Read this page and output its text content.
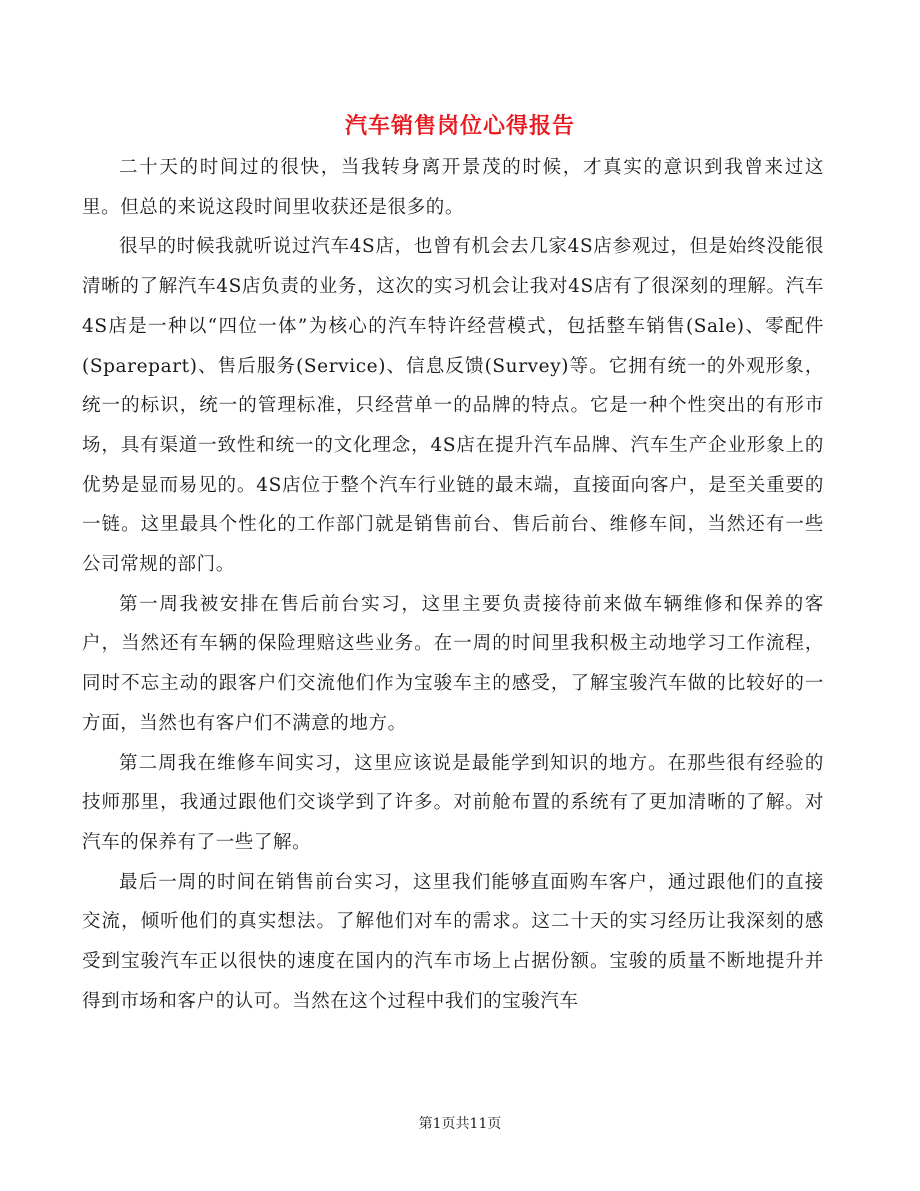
汽车销售岗位心得报告

二十天的时间过的很快，当我转身离开景茂的时候，才真实的意识到我曾来过这里。但总的来说这段时间里收获还是很多的。

很早的时候我就听说过汽车4S店，也曾有机会去几家4S店参观过，但是始终没能很清晰的了解汽车4S店负责的业务，这次的实习机会让我对4S店有了很深刻的理解。汽车4S店是一种以“四位一体”为核心的汽车特许经营模式，包括整车销售(Sale)、零配件(Sparepart)、售后服务(Service)、信息反馈(Survey)等。它拥有统一的外观形象，统一的标识，统一的管理标准，只经营单一的品牌的特点。它是一种个性突出的有形市场，具有渠道一致性和统一的文化理念，4S店在提升汽车品牌、汽车生产企业形象上的优势是显而易见的。4S店位于整个汽车行业链的最末端，直接面向客户，是至关重要的一链。这里最具个性化的工作部门就是销售前台、售后前台、维修车间，当然还有一些公司常规的部门。

第一周我被安排在售后前台实习，这里主要负责接待前来做车辆维修和保养的客户，当然还有车辆的保险理赔这些业务。在一周的时间里我积极主动地学习工作流程，同时不忘主动的跟客户们交流他们作为宝骏车主的感受，了解宝骏汽车做的比较好的一方面，当然也有客户们不满意的地方。

第二周我在维修车间实习，这里应该说是最能学到知识的地方。在那些很有经验的技师那里，我通过跟他们交谈学到了许多。对前舱布置的系统有了更加清晰的了解。对汽车的保养有了一些了解。

最后一周的时间在销售前台实习，这里我们能够直面购车客户，通过跟他们的直接交流，倾听他们的真实想法。了解他们对车的需求。这二十天的实习经历让我深刻的感受到宝骏汽车正以很快的速度在国内的汽车市场上占据份额。宝骏的质量不断地提升并得到市场和客户的认可。当然在这个过程中我们的宝骏汽车

第1页共11页
